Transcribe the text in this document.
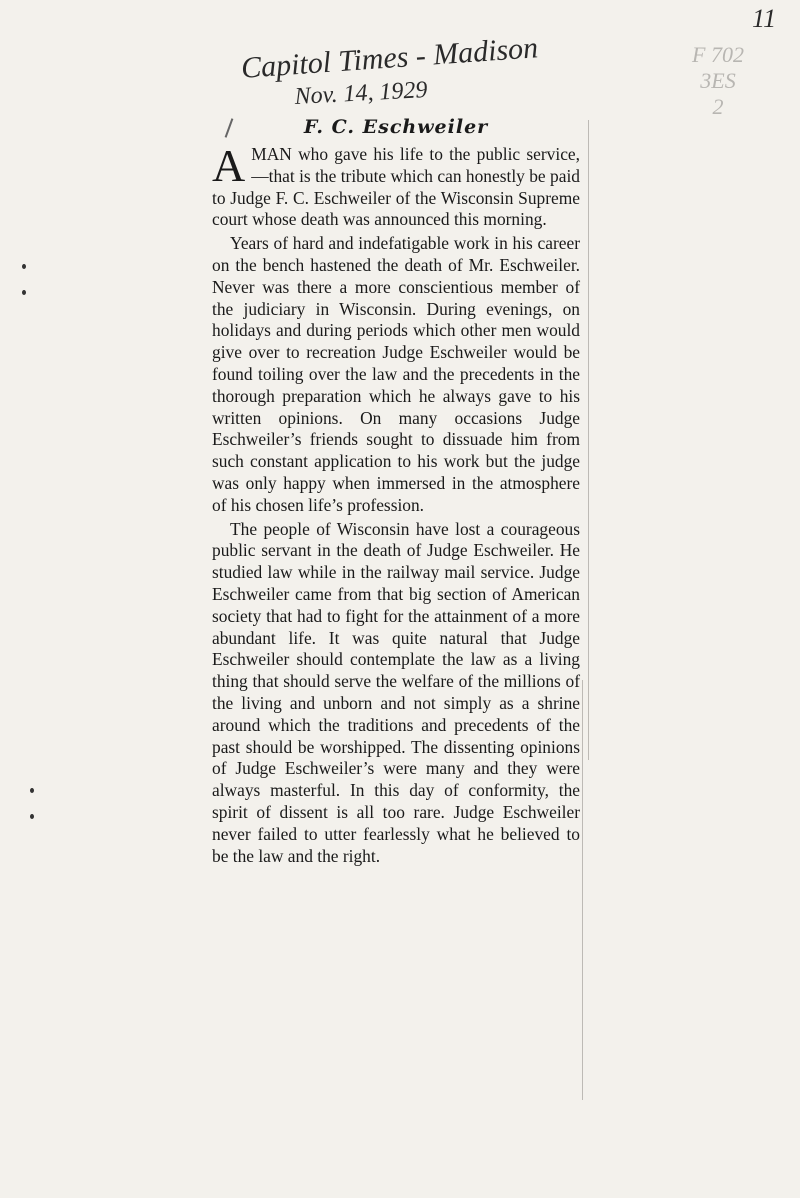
11
Capitol Times - Madison
Nov. 14, 1929
F 702
3ES
2
F. C. Eschweiler

A MAN who gave his life to the public service,—that is the tribute which can honestly be paid to Judge F. C. Eschweiler of the Wisconsin Supreme court whose death was announced this morning.

Years of hard and indefatigable work in his career on the bench hastened the death of Mr. Eschweiler. Never was there a more conscientious member of the judiciary in Wisconsin. During evenings, on holidays and during periods which other men would give over to recreation Judge Eschweiler would be found toiling over the law and the precedents in the thorough preparation which he always gave to his written opinions. On many occasions Judge Eschweiler’s friends sought to dissuade him from such constant application to his work but the judge was only happy when immersed in the atmosphere of his chosen life’s profession.

The people of Wisconsin have lost a courageous public servant in the death of Judge Eschweiler. He studied law while in the railway mail service. Judge Eschweiler came from that big section of American society that had to fight for the attainment of a more abundant life. It was quite natural that Judge Eschweiler should contemplate the law as a living thing that should serve the welfare of the millions of the living and unborn and not simply as a shrine around which the traditions and precedents of the past should be worshipped. The dissenting opinions of Judge Eschweiler’s were many and they were always masterful. In this day of conformity, the spirit of dissent is all too rare. Judge Eschweiler never failed to utter fearlessly what he believed to be the law and the right.
